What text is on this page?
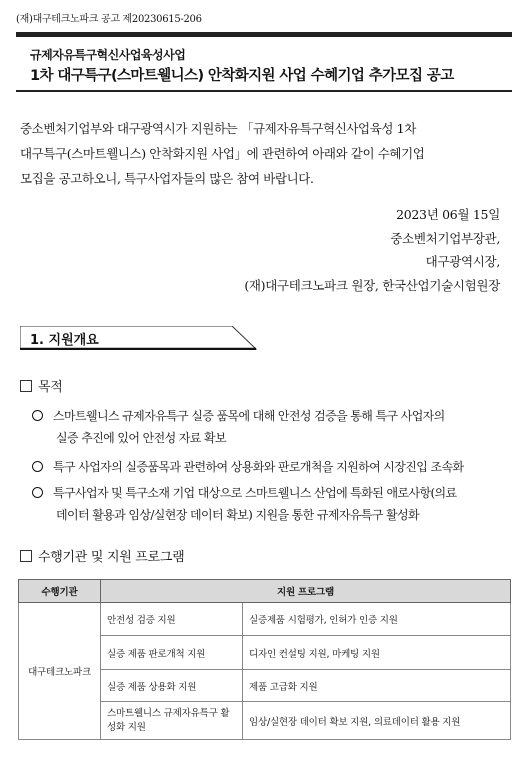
(재)대구테크노파크 공고 제20230615-206
규제자유특구혁신사업육성사업
1차 대구특구(스마트웰니스) 안착화지원 사업 수혜기업 추가모집 공고
중소벤처기업부와 대구광역시가 지원하는 「규제자유특구혁신사업육성 1차
대구특구(스마트웰니스) 안착화지원 사업」에 관련하여 아래와 같이 수혜기업
모집을 공고하오니, 특구사업자들의 많은 참여 바랍니다.
2023년 06월 15일
중소벤처기업부장관,
대구광역시장,
(재)대구테크노파크 원장, 한국산업기술시험원장
1. 지원개요
목적
스마트웰니스 규제자유특구 실증 품목에 대해 안전성 검증을 통해 특구 사업자의
실증 추진에 있어 안전성 자료 확보
특구 사업자의 실증품목과 관련하여 상용화와 판로개척을 지원하여 시장진입 조속화
특구사업자 및 특구소재 기업 대상으로 스마트웰니스 산업에 특화된 애로사항(의료
데이터 활용과 임상/실현장 데이터 확보) 지원을 통한 규제자유특구 활성화
수행기관 및 지원 프로그램
수행기관	지원 프로그램	
대구테크노파크	안전성 검증 지원	실증제품 시험평가, 인허가 인증 지원
	실증 제품 판로개척 지원	디자인 컨설팅 지원, 마케팅 지원
	실증 제품 상용화 지원	제품 고급화 지원
	스마트웰니스 규제자유특구 활성화 지원	임상/실현장 데이터 확보 지원, 의료데이터 활용 지원
